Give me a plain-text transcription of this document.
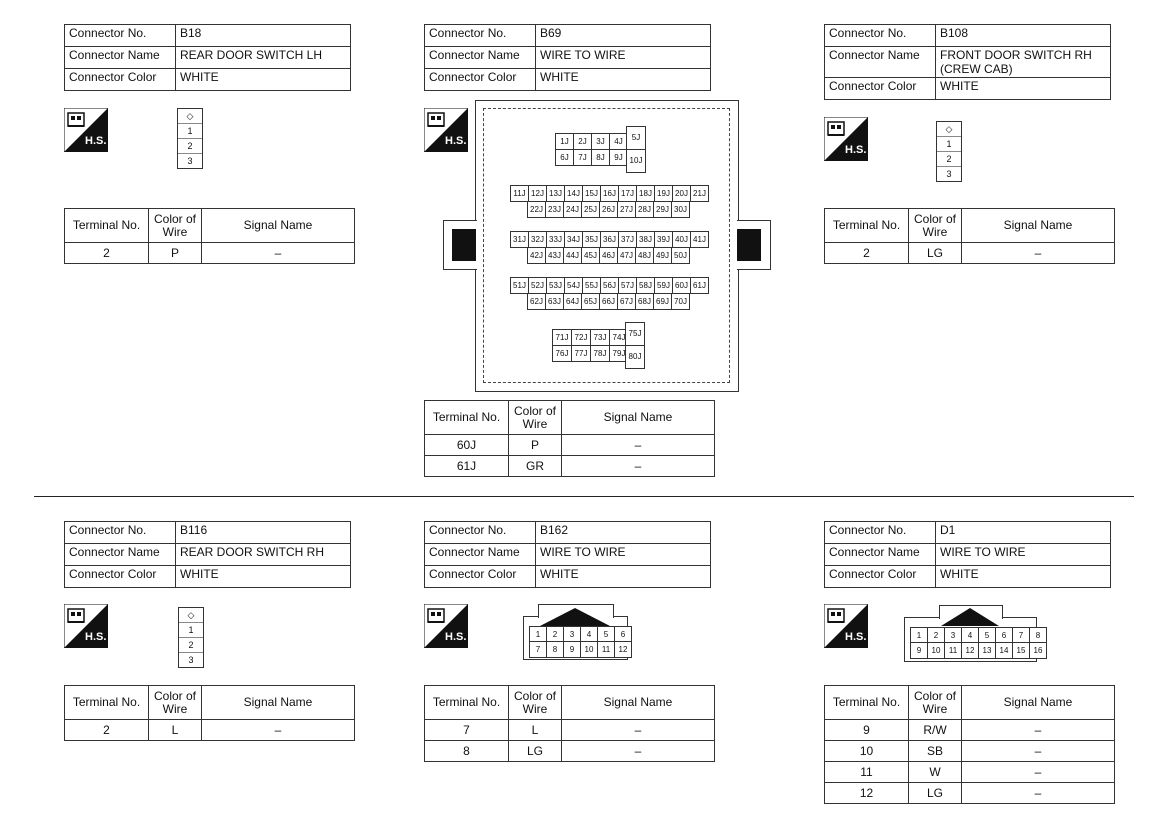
Connector No.	B18
Connector Name	REAR DOOR SWITCH LH
Connector Color	WHITE
H.S.
◇
1
2
3
Terminal No.	Color of
Wire	Signal Name
2	P	–
Connector No.	B69
Connector Name	WIRE TO WIRE
Connector Color	WHITE
H.S.	1J	2J	3J	4J
6J	7J	8J	9J
5J
10J
11J 12J 13J 14J 15J 16J 17J 18J 19J 20J 21J
22J 23J 24J 25J 26J 27J 28J 29J 30J
31J 32J 33J 34J 35J 36J 37J 38J 39J 40J 41J
42J 43J 44J 45J 46J 47J 48J 49J 50J
51J 52J 53J 54J 55J 56J 57J 58J 59J 60J 61J
62J 63J 64J 65J 66J 67J 68J 69J 70J
71J 72J 73J 74J
76J 77J 78J 79J
75J
80J
Terminal No.	Color of
Wire	Signal Name
60J	P	–
61J	GR	–
Connector No.	B108
Connector Name	FRONT DOOR SWITCH RH
(CREW CAB)
Connector Color	WHITE
H.S.
◇
1
2
3
Terminal No.	Color of
Wire	Signal Name
2	LG	–
Connector No.	B116
Connector Name	REAR DOOR SWITCH RH
Connector Color	WHITE
H.S.
◇
1
2
3
Terminal No.	Color of
Wire	Signal Name
2	L	–
Connector No.	B162
Connector Name	WIRE TO WIRE
Connector Color	WHITE
H.S.	1	2	3	4	5	6
7	8	9	10	11	12
Terminal No.	Color of
Wire	Signal Name
7	L	–
8	LG	–
Connector No.	D1
Connector Name	WIRE TO WIRE
Connector Color	WHITE
H.S.	1	2	3	4	5	6	7	8
9	10	11	12	13	14	15	16
Terminal No.	Color of
Wire	Signal Name
9	R/W	–
10	SB	–
11	W	–
12	LG	–
